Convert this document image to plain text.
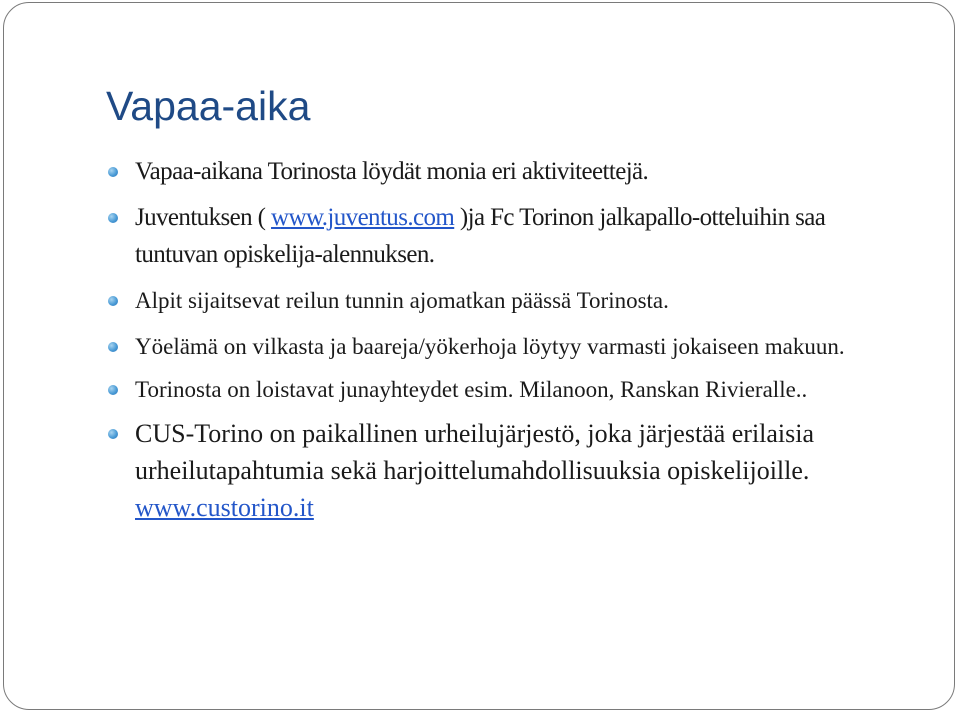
Vapaa-aika
Vapaa-aikana Torinosta löydät monia eri aktiviteettejä.
Juventuksen ( www.juventus.com )ja Fc Torinon jalkapallo-otteluihin saa tuntuvan opiskelija-alennuksen.
Alpit sijaitsevat reilun tunnin ajomatkan päässä Torinosta.
Yöelämä on vilkasta ja baareja/yökerhoja löytyy varmasti jokaiseen makuun.
Torinosta on loistavat junayhteydet esim. Milanoon, Ranskan Rivieralle..
CUS-Torino on paikallinen urheilujärjestö, joka järjestää erilaisia urheilutapahtumia sekä harjoittelumahdollisuuksia opiskelijoille. www.custorino.it
